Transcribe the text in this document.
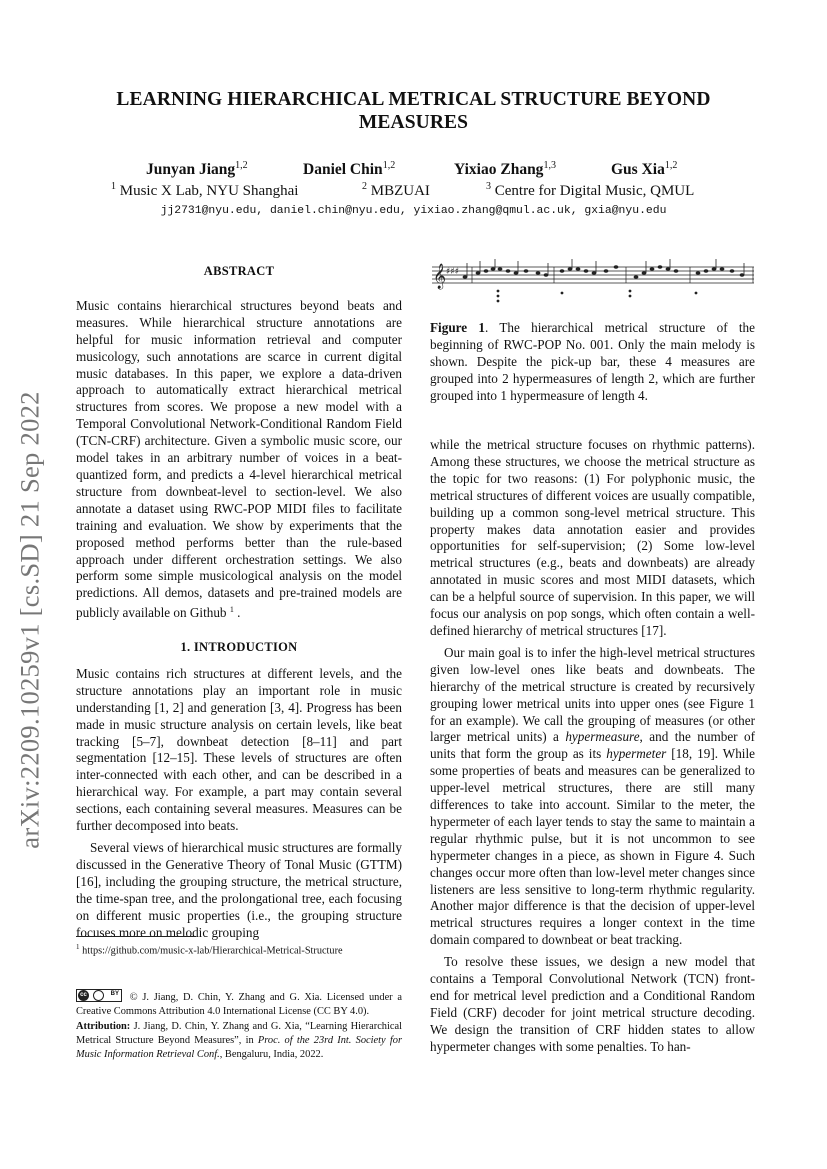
LEARNING HIERARCHICAL METRICAL STRUCTURE BEYOND MEASURES
Junyan Jiang$^{1,2}$	Daniel Chin$^{1,2}$	Yixiao Zhang$^{1,3}$	Gus Xia$^{1,2}$
$^1$ Music X Lab, NYU Shanghai	$^2$ MBZUAI	$^3$ Centre for Digital Music, QMUL
jj2731@nyu.edu, daniel.chin@nyu.edu, yixiao.zhang@qmul.ac.uk, gxia@nyu.edu
arXiv:2209.10259v1 [cs.SD] 21 Sep 2022
ABSTRACT

Music contains hierarchical structures beyond beats and measures. While hierarchical structure annotations are helpful for music information retrieval and computer musicology, such annotations are scarce in current digital music databases. In this paper, we explore a data-driven approach to automatically extract hierarchical metrical structures from scores. We propose a new model with a Temporal Convolutional Network-Conditional Random Field (TCN-CRF) architecture. Given a symbolic music score, our model takes in an arbitrary number of voices in a beat-quantized form, and predicts a 4-level hierarchical metrical structure from downbeat-level to section-level. We also annotate a dataset using RWC-POP MIDI files to facilitate training and evaluation. We show by experiments that the proposed method performs better than the rule-based approach under different orchestration settings. We also perform some simple musicological analysis on the model predictions. All demos, datasets and pre-trained models are publicly available on Github $^1$ .

1. INTRODUCTION

Music contains rich structures at different levels, and the structure annotations play an important role in music understanding [1, 2] and generation [3, 4]. Progress has been made in music structure analysis on certain levels, like beat tracking [5–7], downbeat detection [8–11] and part segmentation [12–15]. These levels of structures are often inter-connected with each other, and can be described in a hierarchical way. For example, a part may contain several sections, each containing several measures. Measures can be further decomposed into beats.

Several views of hierarchical music structures are formally discussed in the Generative Theory of Tonal Music (GTTM) [16], including the grouping structure, the metrical structure, the time-span tree, and the prolongational tree, each focusing on different music properties (i.e., the grouping structure focuses more on melodic grouping

$^1$ https://github.com/music-x-lab/Hierarchical-Metrical-Structure
cc	BY © J. Jiang, D. Chin, Y. Zhang and G. Xia. Licensed under a Creative Commons Attribution 4.0 International License (CC BY 4.0).
Attribution: J. Jiang, D. Chin, Y. Zhang and G. Xia, “Learning Hierarchical Metrical Structure Beyond Measures”, in Proc. of the 23rd Int. Society for Music Information Retrieval Conf., Bengaluru, India, 2022.
𝄞 ♯♯♯
Figure 1. The hierarchical metrical structure of the beginning of RWC-POP No. 001. Only the main melody is shown. Despite the pick-up bar, these 4 measures are grouped into 2 hypermeasures of length 2, which are further grouped into 1 hypermeasure of length 4.

while the metrical structure focuses on rhythmic patterns). Among these structures, we choose the metrical structure as the topic for two reasons: (1) For polyphonic music, the metrical structures of different voices are usually compatible, building up a common song-level metrical structure. This property makes data annotation easier and provides opportunities for self-supervision; (2) Some low-level metrical structures (e.g., beats and downbeats) are already annotated in music scores and most MIDI datasets, which can be a helpful source of supervision. In this paper, we will focus our analysis on pop songs, which often contain a well-defined hierarchy of metrical structures [17].

Our main goal is to infer the high-level metrical structures given low-level ones like beats and downbeats. The hierarchy of the metrical structure is created by recursively grouping lower metrical units into upper ones (see Figure 1 for an example). We call the grouping of measures (or other larger metrical units) a hypermeasure, and the number of units that form the group as its hypermeter [18, 19]. While some properties of beats and measures can be generalized to upper-level metrical structures, there are still many differences to take into account. Similar to the meter, the hypermeter of each layer tends to stay the same to maintain a regular rhythmic pulse, but it is not uncommon to see hypermeter changes in a piece, as shown in Figure 4. Such changes occur more often than low-level meter changes since listeners are less sensitive to long-term rhythmic regularity. Another major difference is that the decision of upper-level metrical structures requires a longer context in the time domain compared to downbeat or beat tracking.

To resolve these issues, we design a new model that contains a Temporal Convolutional Network (TCN) front-end for metrical level prediction and a Conditional Random Field (CRF) decoder for joint metrical structure decoding. We design the transition of CRF hidden states to allow hypermeter changes with some penalties. To han-
